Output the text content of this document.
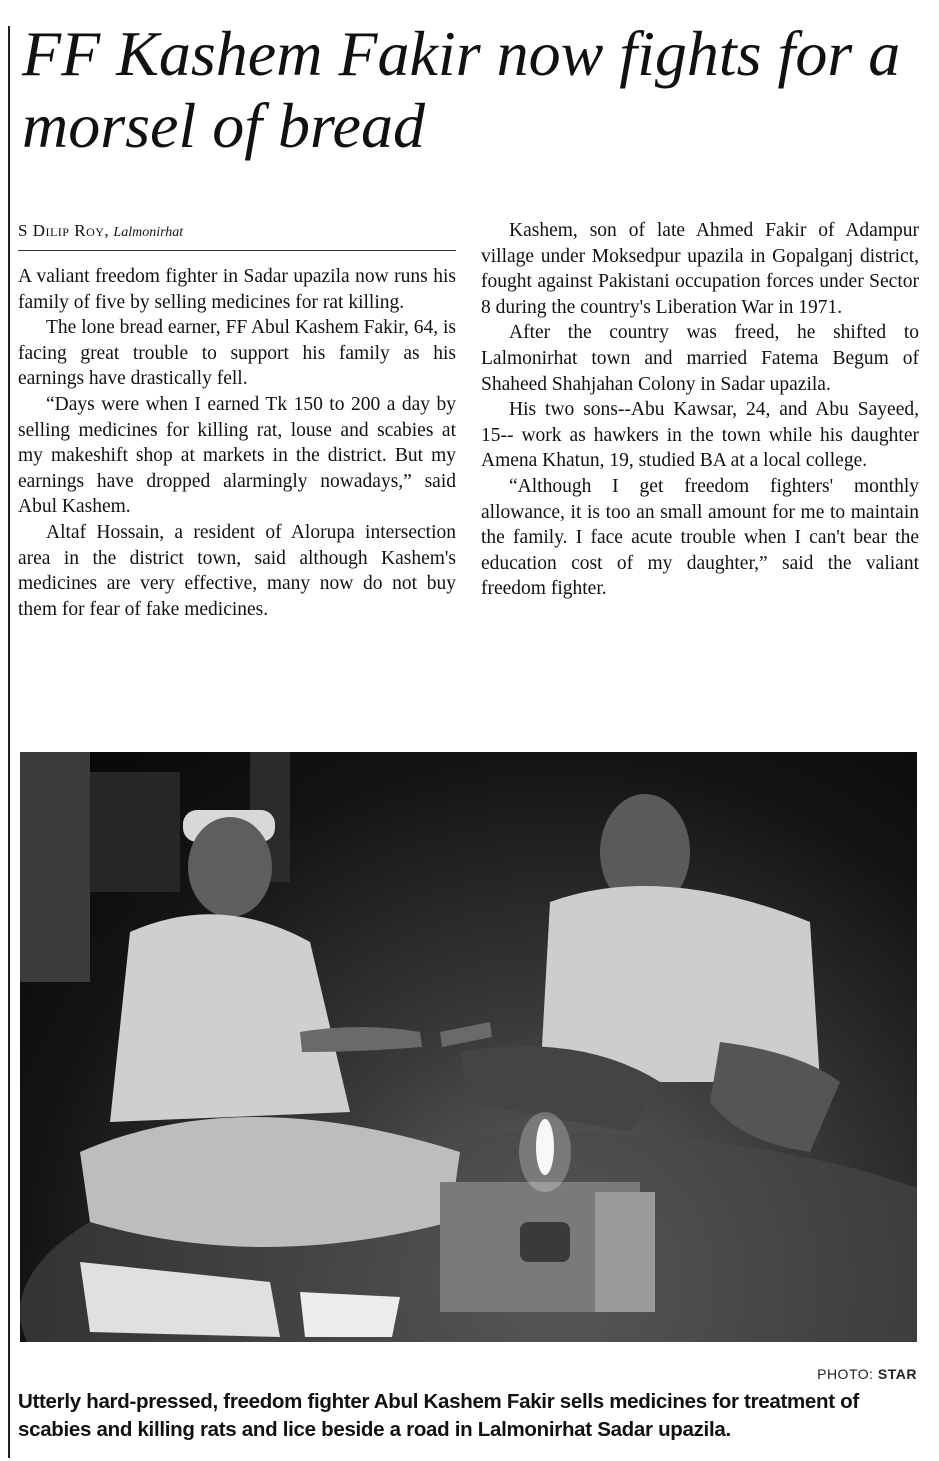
FF Kashem Fakir now fights for a morsel of bread
S Dilip Roy, Lalmonirhat

A valiant freedom fighter in Sadar upazila now runs his family of five by selling medicines for rat killing.

The lone bread earner, FF Abul Kashem Fakir, 64, is facing great trouble to support his family as his earnings have drastically fell.

“Days were when I earned Tk 150 to 200 a day by selling medicines for killing rat, louse and scabies at my makeshift shop at markets in the district. But my earnings have dropped alarmingly nowadays,” said Abul Kashem.

Altaf Hossain, a resident of Alorupa intersection area in the district town, said although Kashem's medicines are very effective, many now do not buy them for fear of fake medicines.

Kashem, son of late Ahmed Fakir of Adampur village under Moksedpur upazila in Gopalganj district, fought against Pakistani occupation forces under Sector 8 during the country's Liberation War in 1971.

After the country was freed, he shifted to Lalmonirhat town and married Fatema Begum of Shaheed Shahjahan Colony in Sadar upazila.

His two sons--Abu Kawsar, 24, and Abu Sayeed, 15-- work as hawkers in the town while his daughter Amena Khatun, 19, studied BA at a local college.

“Although I get freedom fighters' monthly allowance, it is too an small amount for me to maintain the family. I face acute trouble when I can't bear the education cost of my daughter,” said the valiant freedom fighter.

PHOTO: STAR

Utterly hard-pressed, freedom fighter Abul Kashem Fakir sells medicines for treatment of scabies and killing rats and lice beside a road in Lalmonirhat Sadar upazila.
